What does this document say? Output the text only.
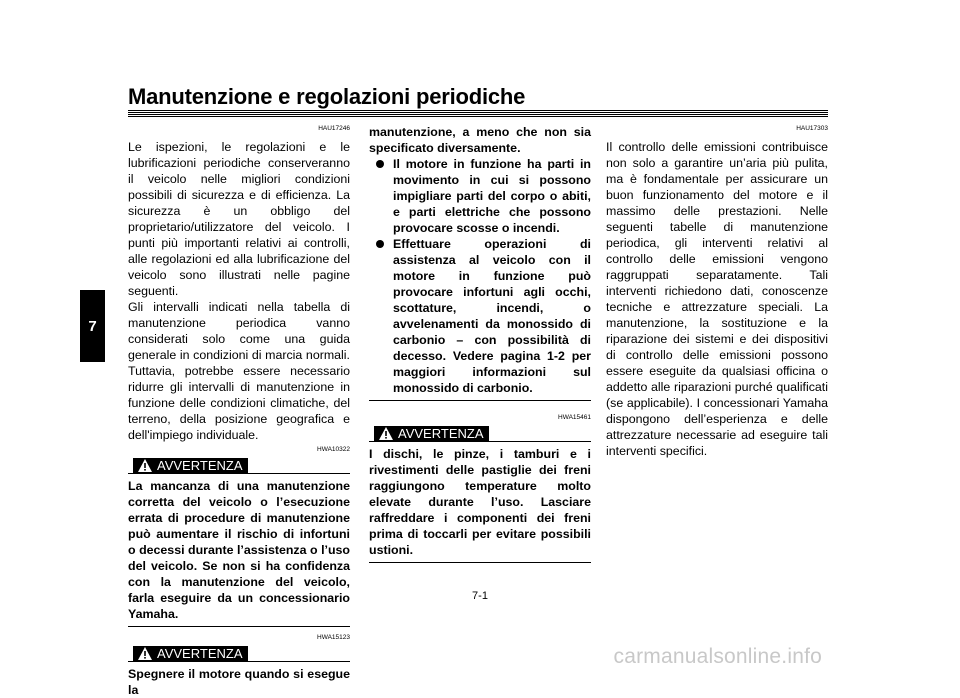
Manutenzione e regolazioni periodiche
7
HAU17246
Le ispezioni, le regolazioni e le lubrificazioni periodiche conserveranno il veicolo nelle migliori condizioni possibili di sicurezza e di efficienza. La sicurezza è un obbligo del proprietario/utilizzatore del veicolo. I punti più importanti relativi ai controlli, alle regolazioni ed alla lubrificazione del veicolo sono illustrati nelle pagine seguenti.
Gli intervalli indicati nella tabella di manutenzione periodica vanno considerati solo come una guida generale in condizioni di marcia normali. Tuttavia, potrebbe essere necessario ridurre gli intervalli di manutenzione in funzione delle condizioni climatiche, del terreno, della posizione geografica e dell'impiego individuale.
HWA10322
AVVERTENZA
La mancanza di una manutenzione corretta del veicolo o l’esecuzione errata di procedure di manutenzione può aumentare il rischio di infortuni o decessi durante l’assistenza o l’uso del veicolo. Se non si ha confidenza con la manutenzione del veicolo, farla eseguire da un concessionario Yamaha.
HWA15123
AVVERTENZA
Spegnere il motore quando si esegue la
manutenzione, a meno che non sia specificato diversamente.
Il motore in funzione ha parti in movimento in cui si possono impigliare parti del corpo o abiti, e parti elettriche che possono provocare scosse o incendi.
Effettuare operazioni di assistenza al veicolo con il motore in funzione può provocare infortuni agli occhi, scottature, incendi, o avvelenamenti da monossido di carbonio – con possibilità di decesso. Vedere pagina 1-2 per maggiori informazioni sul monossido di carbonio.
HWA15461
AVVERTENZA
I dischi, le pinze, i tamburi e i rivestimenti delle pastiglie dei freni raggiungono temperature molto elevate durante l’uso. Lasciare raffreddare i componenti dei freni prima di toccarli per evitare possibili ustioni.
HAU17303
Il controllo delle emissioni contribuisce non solo a garantire un’aria più pulita, ma è fondamentale per assicurare un buon funzionamento del motore e il massimo delle prestazioni. Nelle seguenti tabelle di manutenzione periodica, gli interventi relativi al controllo delle emissioni vengono raggruppati separatamente. Tali interventi richiedono dati, conoscenze tecniche e attrezzature speciali. La manutenzione, la sostituzione e la riparazione dei sistemi e dei dispositivi di controllo delle emissioni possono essere eseguite da qualsiasi officina o addetto alle riparazioni purché qualificati (se applicabile). I concessionari Yamaha dispongono dell’esperienza e delle attrezzature necessarie ad eseguire tali interventi specifici.
7-1
carmanualsonline.info
